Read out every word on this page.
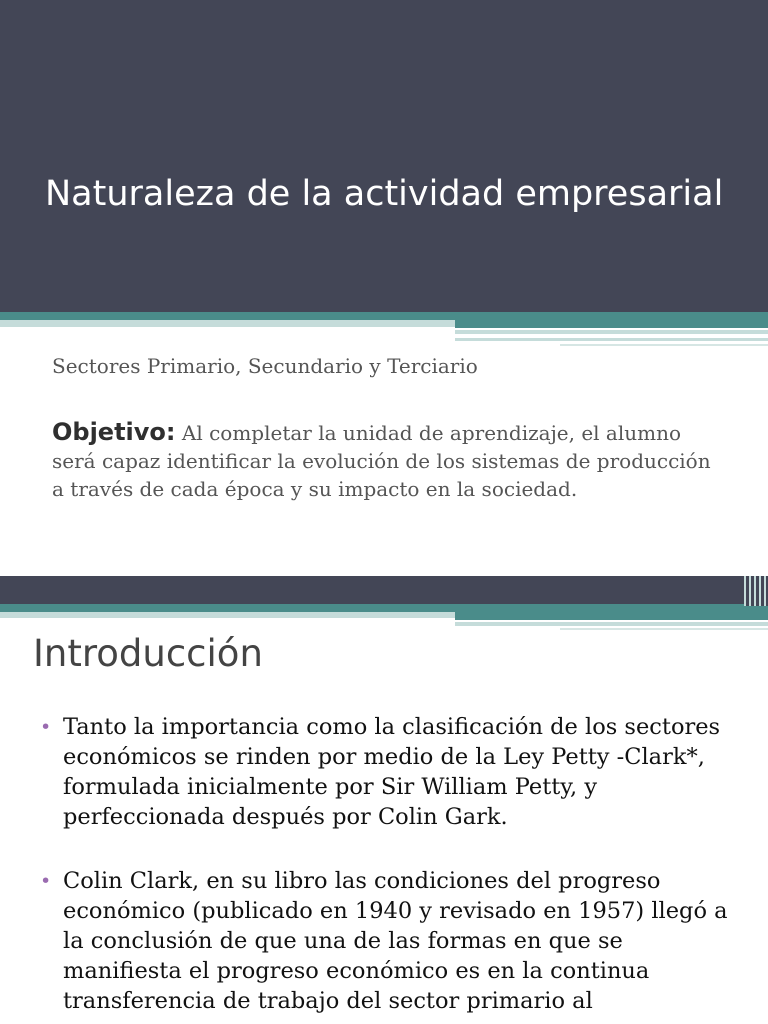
Naturaleza de la actividad empresarial

Sectores Primario, Secundario y Terciario

Objetivo: Al completar la unidad de aprendizaje, el alumno será capaz identificar la evolución de los sistemas de producción a través de cada época y su impacto en la sociedad.

Introducción
• Tanto la importancia como la clasificación de los sectores económicos se rinden por medio de la Ley Petty -Clark*, formulada inicialmente por Sir William Petty, y perfeccionada después por Colin Gark.
• Colin Clark, en su libro las condiciones del progreso económico (publicado en 1940 y revisado en 1957) llegó a la conclusión de que una de las formas en que se manifiesta el progreso económico es en la continua transferencia de trabajo del sector primario al
